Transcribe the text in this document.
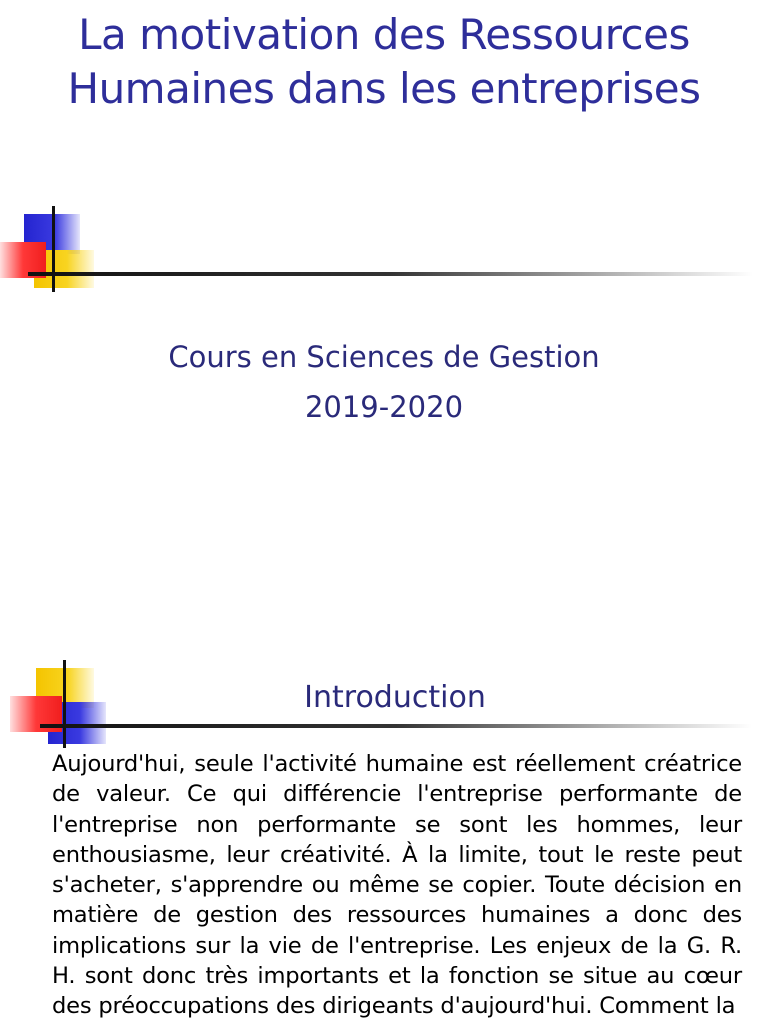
La motivation des Ressources
Humaines dans les entreprises
Cours en Sciences de Gestion
2019-2020
Introduction
Aujourd'hui, seule l'activité humaine est réellement créatrice de valeur. Ce qui différencie l'entreprise performante de l'entreprise non performante se sont les hommes, leur enthousiasme, leur créativité. À la limite, tout le reste peut s'acheter, s'apprendre ou même se copier. Toute décision en matière de gestion des ressources humaines a donc des implications sur la vie de l'entreprise. Les enjeux de la G. R. H. sont donc très importants et la fonction se situe au cœur des préoccupations des dirigeants d'aujourd'hui. Comment la
